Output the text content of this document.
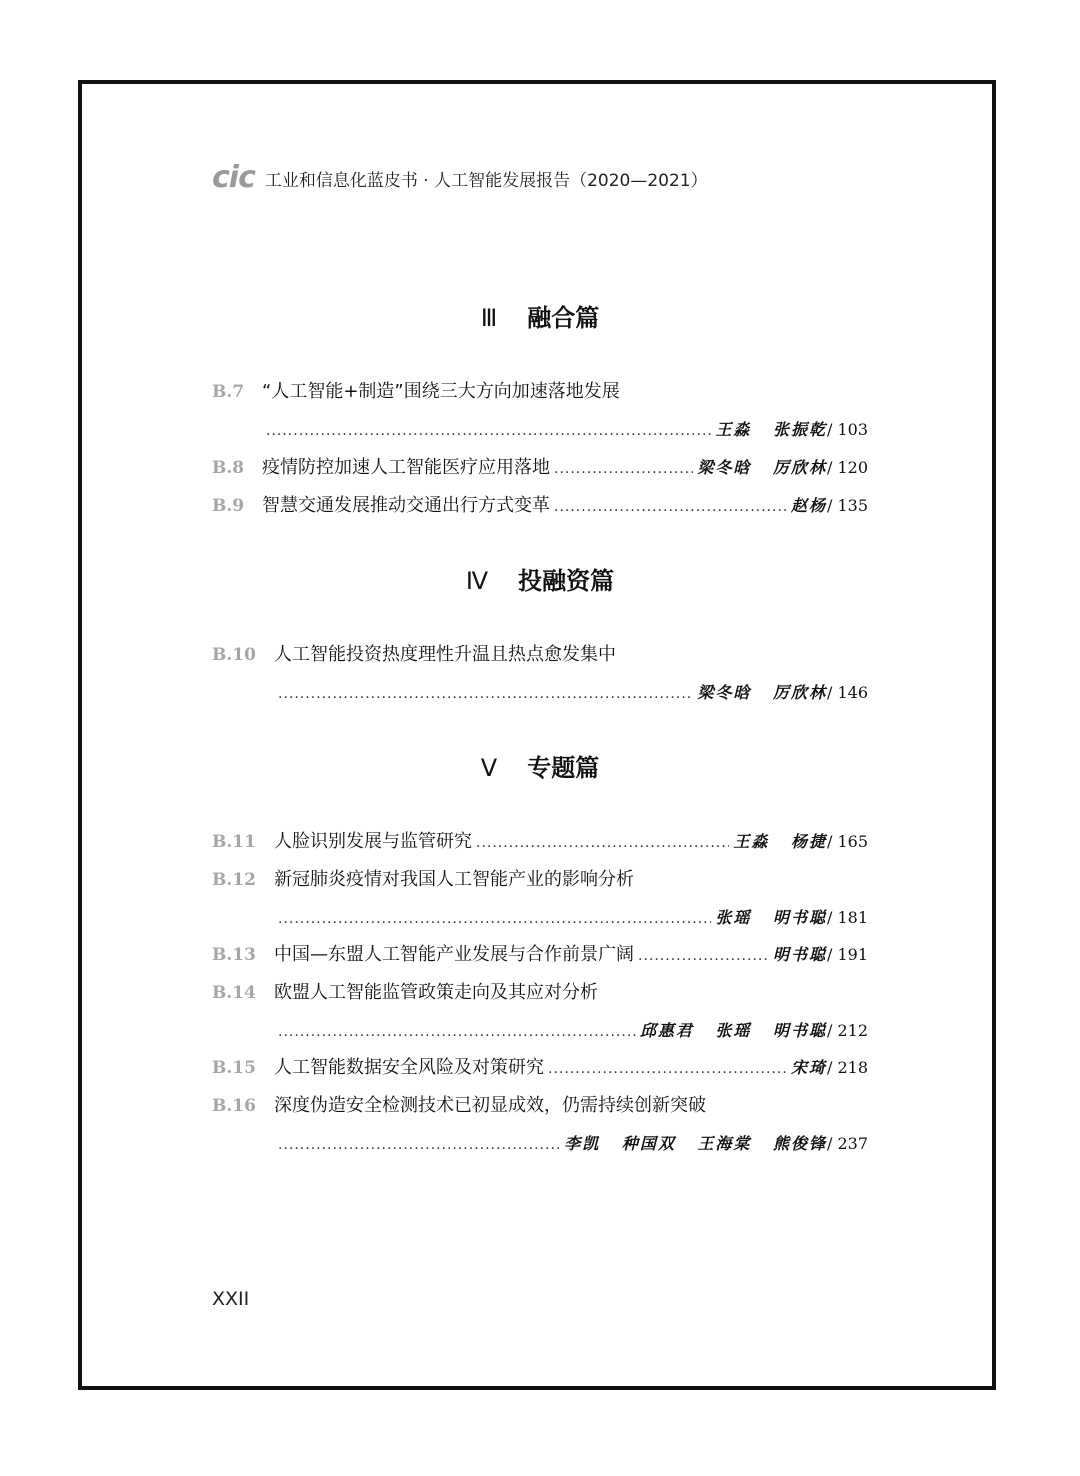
cic 工业和信息化蓝皮书 · 人工智能发展报告（2020—2021）
Ⅲ 融合篇
B.7 “人工智能+制造”围绕三大方向加速落地发展
.....
王淼 张振乾 / 103
B.8 疫情防控加速人工智能医疗应用落地 .....	梁冬晗 厉欣林 / 120
B.9 智慧交通发展推动交通出行方式变革 .....	赵杨 / 135
Ⅳ 投融资篇
B.10	人工智能投资热度理性升温且热点愈发集中
.....
梁冬晗 厉欣林 / 146
Ⅴ 专题篇
B.11	人脸识别发展与监管研究 .....	王淼 杨捷 / 165
B.12	新冠肺炎疫情对我国人工智能产业的影响分析
.....
张瑶 明书聪 / 181
B.13	中国—东盟人工智能产业发展与合作前景广阔 .....	明书聪 / 191
B.14	欧盟人工智能监管政策走向及其应对分析
.....
邱惠君 张瑶 明书聪 / 212
B.15	人工智能数据安全风险及对策研究 .....	宋琦 / 218
B.16	深度伪造安全检测技术已初显成效，仍需持续创新突破
.....
李凯 种国双 王海棠 熊俊锋 / 237
XXII
